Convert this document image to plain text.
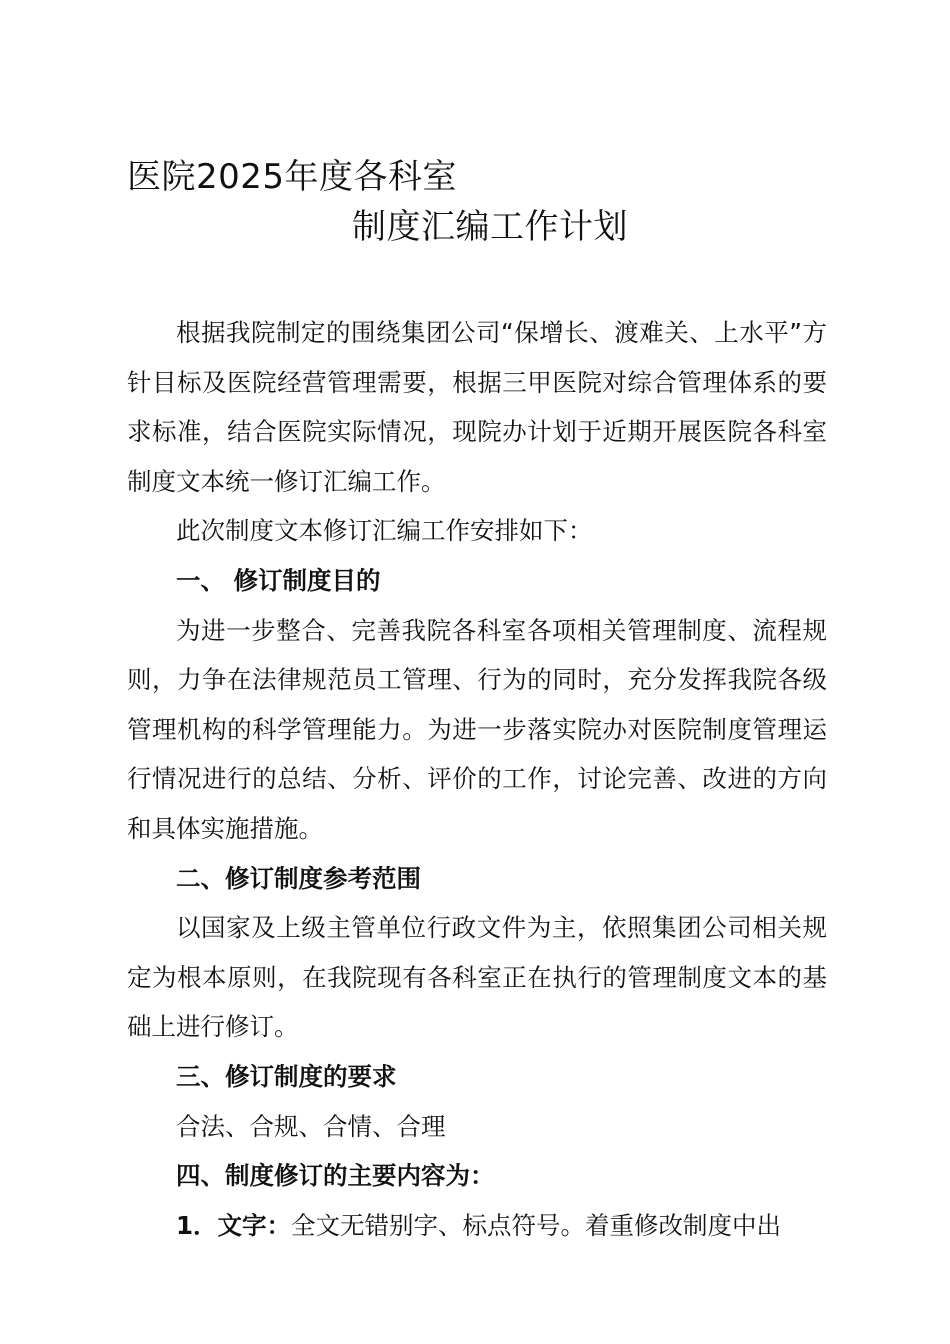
医院2025年度各科室
制度汇编工作计划

根据我院制定的围绕集团公司“保增长、渡难关、上水平”方针目标及医院经营管理需要，根据三甲医院对综合管理体系的要求标准，结合医院实际情况，现院办计划于近期开展医院各科室制度文本统一修订汇编工作。

此次制度文本修订汇编工作安排如下：

一、 修订制度目的

为进一步整合、完善我院各科室各项相关管理制度、流程规则，力争在法律规范员工管理、行为的同时，充分发挥我院各级管理机构的科学管理能力。为进一步落实院办对医院制度管理运行情况进行的总结、分析、评价的工作，讨论完善、改进的方向和具体实施措施。

二、修订制度参考范围

以国家及上级主管单位行政文件为主，依照集团公司相关规定为根本原则，在我院现有各科室正在执行的管理制度文本的基础上进行修订。

三、修订制度的要求

合法、合规、合情、合理

四、制度修订的主要内容为：

1．文字：全文无错别字、标点符号。着重修改制度中出
